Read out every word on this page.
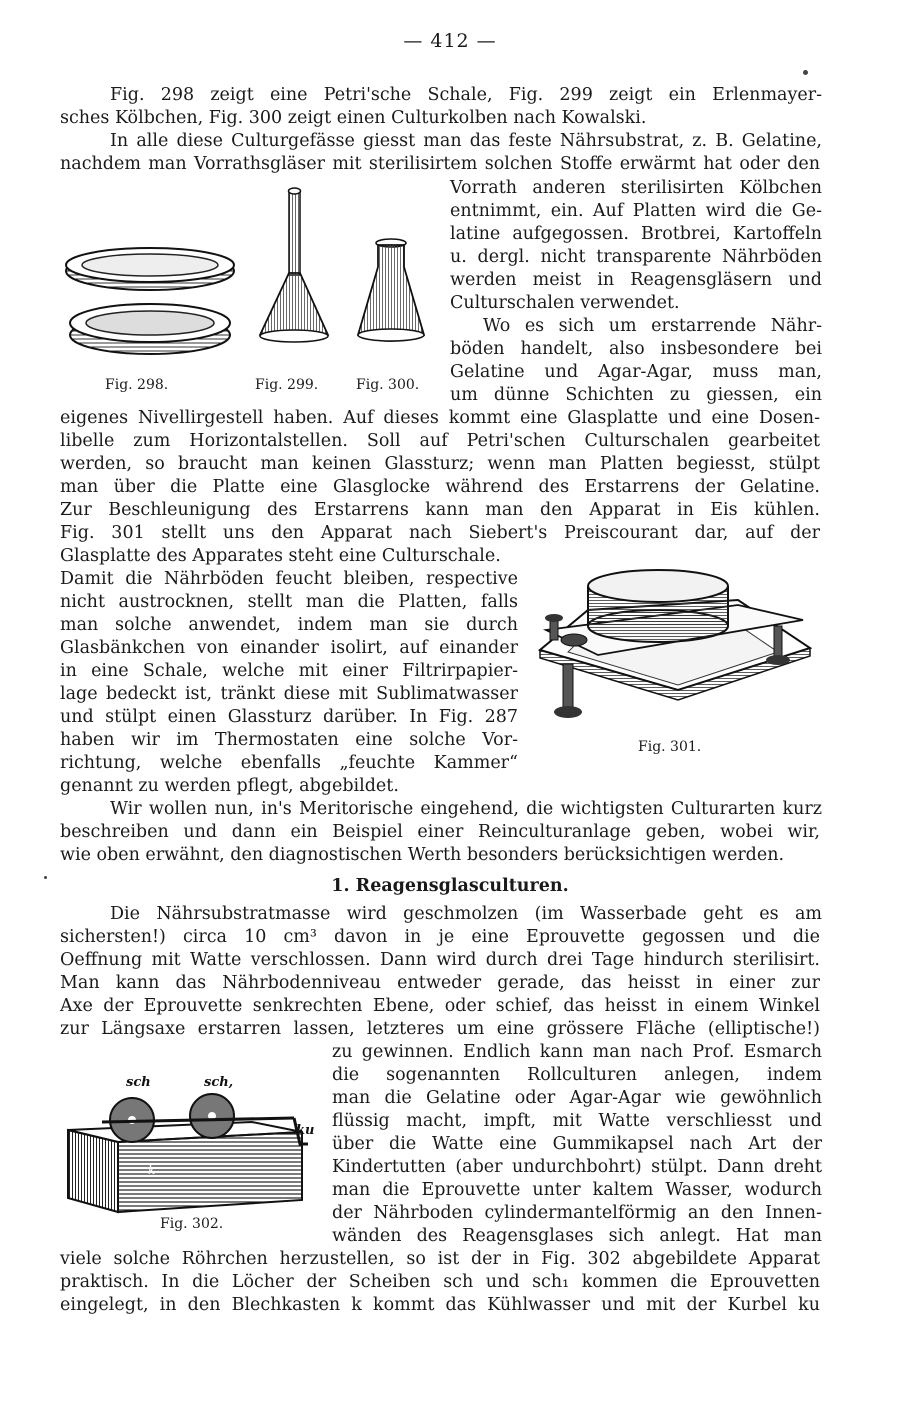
— 412 —

Fig. 298 zeigt eine Petri'sche Schale, Fig. 299 zeigt ein Erlenmayer-

sches Kölbchen, Fig. 300 zeigt einen Culturkolben nach Kowalski.

In alle diese Culturgefässe giesst man das feste Nährsubstrat, z. B. Gelatine,

nachdem man Vorrathsgläser mit sterilisirtem solchen Stoffe erwärmt hat oder den

Vorrath anderen sterilisirten Kölbchen

entnimmt, ein. Auf Platten wird die Ge-

latine aufgegossen. Brotbrei, Kartoffeln

u. dergl. nicht transparente Nährböden

werden meist in Reagensgläsern und

Culturschalen verwendet.

Wo es sich um erstarrende Nähr-

böden handelt, also insbesondere bei

Gelatine und Agar-Agar, muss man,

um dünne Schichten zu giessen, ein

Fig. 298.	Fig. 299.	Fig. 300.

eigenes Nivellirgestell haben. Auf dieses kommt eine Glasplatte und eine Dosen-

libelle zum Horizontalstellen. Soll auf Petri'schen Culturschalen gearbeitet

werden, so braucht man keinen Glassturz; wenn man Platten begiesst, stülpt

man über die Platte eine Glasglocke während des Erstarrens der Gelatine.

Zur Beschleunigung des Erstarrens kann man den Apparat in Eis kühlen.

Fig. 301 stellt uns den Apparat nach Siebert's Preiscourant dar, auf der

Glasplatte des Apparates steht eine Culturschale.

Damit die Nährböden feucht bleiben, respective

nicht austrocknen, stellt man die Platten, falls

man solche anwendet, indem man sie durch

Glasbänkchen von einander isolirt, auf einander

in eine Schale, welche mit einer Filtrirpapier-

lage bedeckt ist, tränkt diese mit Sublimatwasser

und stülpt einen Glassturz darüber. In Fig. 287

haben wir im Thermostaten eine solche Vor-

richtung, welche ebenfalls „feuchte Kammer“

genannt zu werden pflegt, abgebildet.

Fig. 301.

Wir wollen nun, in's Meritorische eingehend, die wichtigsten Culturarten kurz

beschreiben und dann ein Beispiel einer Reinculturanlage geben, wobei wir,

wie oben erwähnt, den diagnostischen Werth besonders berücksichtigen werden.

1. Reagensglasculturen.

Die Nährsubstratmasse wird geschmolzen (im Wasserbade geht es am

sichersten!) circa 10 cm³ davon in je eine Eprouvette gegossen und die

Oeffnung mit Watte verschlossen. Dann wird durch drei Tage hindurch sterilisirt.

Man kann das Nährbodenniveau entweder gerade, das heisst in einer zur

Axe der Eprouvette senkrechten Ebene, oder schief, das heisst in einem Winkel

zur Längsaxe erstarren lassen, letzteres um eine grössere Fläche (elliptische!)

zu gewinnen. Endlich kann man nach Prof. Esmarch

die sogenannten Rollculturen anlegen, indem

man die Gelatine oder Agar-Agar wie gewöhnlich

flüssig macht, impft, mit Watte verschliesst und

über die Watte eine Gummikapsel nach Art der

Kindertutten (aber undurchbohrt) stülpt. Dann dreht

man die Eprouvette unter kaltem Wasser, wodurch

der Nährboden cylindermantelförmig an den Innen-

wänden des Reagensglases sich anlegt. Hat man

sch	sch,
ku
k
Fig. 302.

viele solche Röhrchen herzustellen, so ist der in Fig. 302 abgebildete Apparat

praktisch. In die Löcher der Scheiben sch und sch₁ kommen die Eprouvetten

eingelegt, in den Blechkasten k kommt das Kühlwasser und mit der Kurbel ku
